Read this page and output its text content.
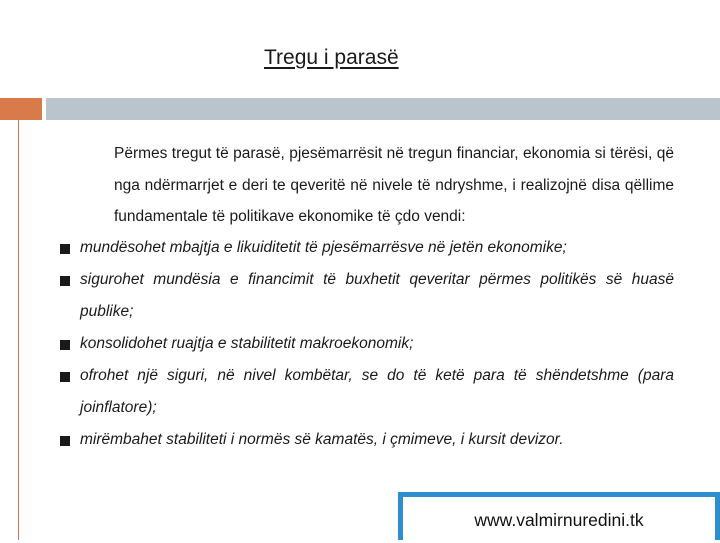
Tregu i parasë
Përmes tregut të parasë, pjesëmarrësit në tregun financiar, ekonomia si tërësi, që nga ndërmarrjet e deri te qeveritë në nivele të ndryshme, i realizojnë disa qëllime fundamentale të politikave ekonomike të çdo vendi:
mundësohet mbajtja e likuiditetit të pjesëmarrësve në jetën ekonomike;
sigurohet mundësia e financimit të buxhetit qeveritar përmes politikës së huasë publike;
konsolidohet ruajtja e stabilitetit makroekonomik;
ofrohet një siguri, në nivel kombëtar, se do të ketë para të shëndetshme (para joinflatore);
mirëmbahet stabiliteti i normës së kamatës, i çmimeve, i kursit devizor.
www.valmirnuredini.tk
